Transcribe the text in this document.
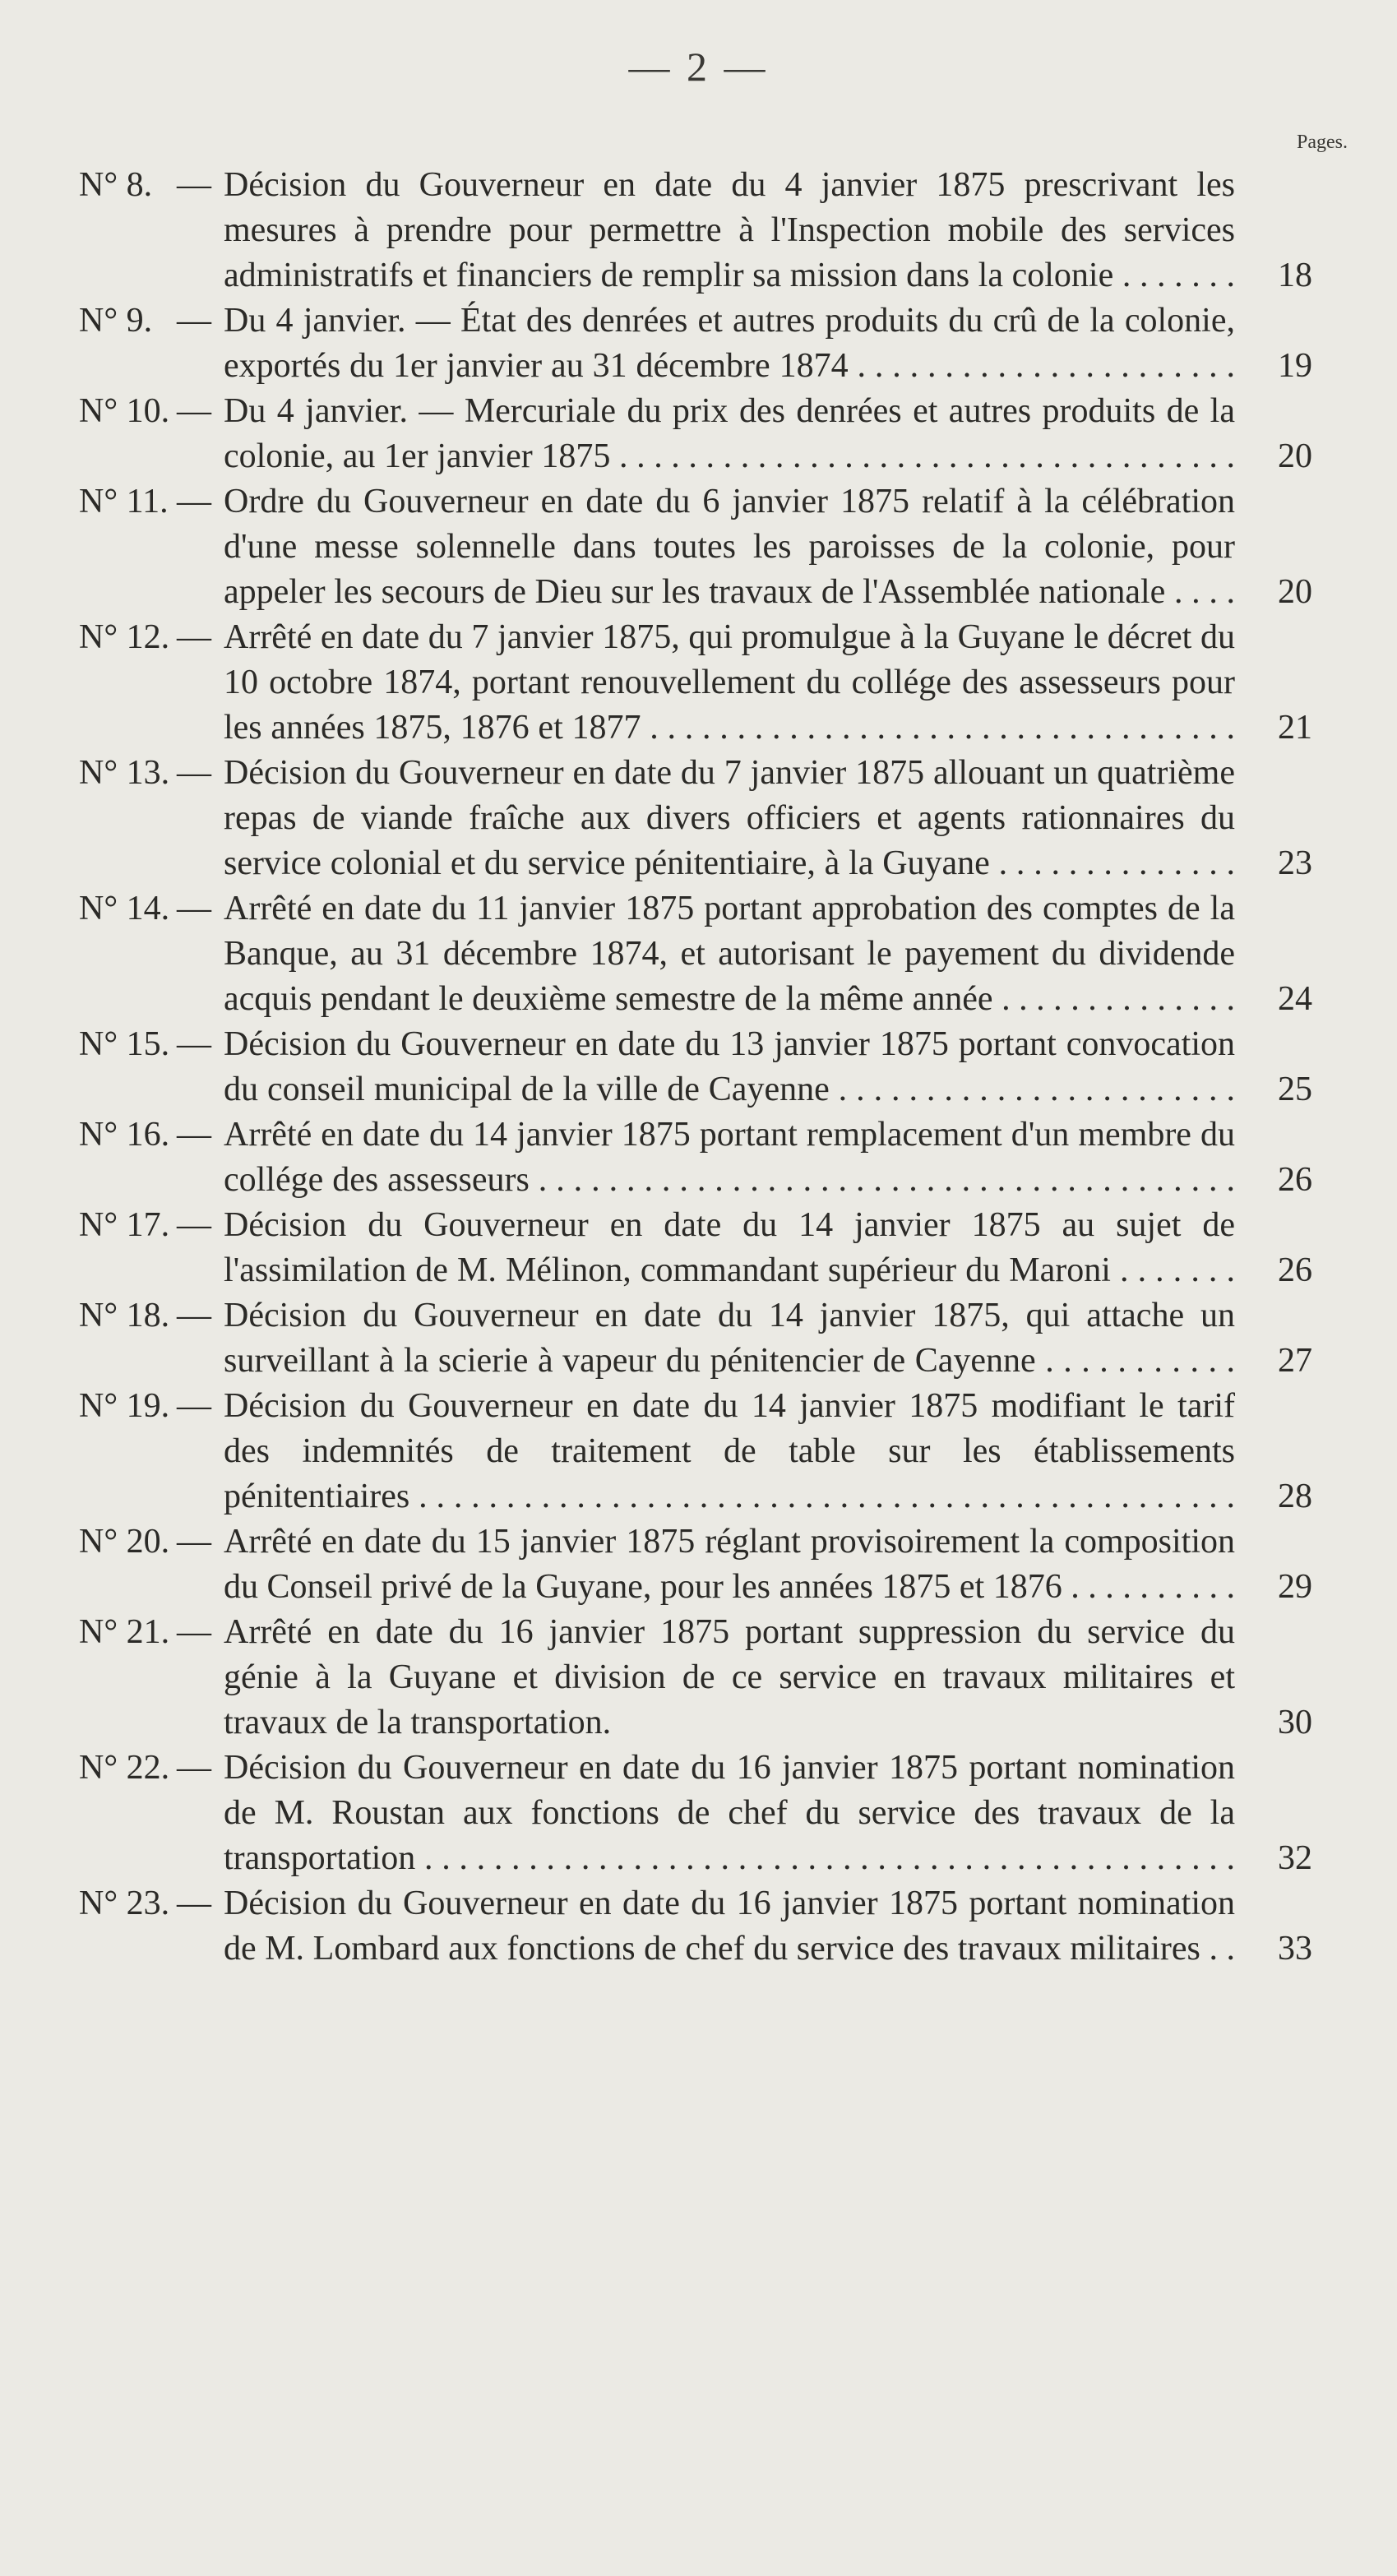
— 2 —
Pages.
N° 8. — Décision du Gouverneur en date du 4 janvier 1875 prescrivant les mesures à prendre pour permettre à l'Inspection mobile des services administratifs et financiers de remplir sa mission dans la colonie . . .	18
N° 9. — Du 4 janvier. — État des denrées et autres produits du crû de la colonie, exportés du 1er janvier au 31 décembre 1874 . . .	19
N° 10. — Du 4 janvier. — Mercuriale du prix des denrées et autres produits de la colonie, au 1er janvier 1875 . . .	20
N° 11. — Ordre du Gouverneur en date du 6 janvier 1875 relatif à la célébration d'une messe solennelle dans toutes les paroisses de la colonie, pour appeler les secours de Dieu sur les travaux de l'Assemblée nationale . . .	20
N° 12. — Arrêté en date du 7 janvier 1875, qui promulgue à la Guyane le décret du 10 octobre 1874, portant renouvellement du collége des assesseurs pour les années 1875, 1876 et 1877 . . .	21
N° 13. — Décision du Gouverneur en date du 7 janvier 1875 allouant un quatrième repas de viande fraîche aux divers officiers et agents rationnaires du service colonial et du service pénitentiaire, à la Guyane . . .	23
N° 14. — Arrêté en date du 11 janvier 1875 portant approbation des comptes de la Banque, au 31 décembre 1874, et autorisant le payement du dividende acquis pendant le deuxième semestre de la même année . . .	24
N° 15. — Décision du Gouverneur en date du 13 janvier 1875 portant convocation du conseil municipal de la ville de Cayenne . . .	25
N° 16. — Arrêté en date du 14 janvier 1875 portant remplacement d'un membre du collége des assesseurs . . .	26
N° 17. — Décision du Gouverneur en date du 14 janvier 1875 au sujet de l'assimilation de M. Mélinon, commandant supérieur du Maroni . . .	26
N° 18. — Décision du Gouverneur en date du 14 janvier 1875, qui attache un surveillant à la scierie à vapeur du pénitencier de Cayenne . . .	27
N° 19. — Décision du Gouverneur en date du 14 janvier 1875 modifiant le tarif des indemnités de traitement de table sur les établissements pénitentiaires . . .	28
N° 20. — Arrêté en date du 15 janvier 1875 réglant provisoirement la composition du Conseil privé de la Guyane, pour les années 1875 et 1876 . . .	29
N° 21. — Arrêté en date du 16 janvier 1875 portant suppression du service du génie à la Guyane et division de ce service en travaux militaires et travaux de la transportation.	30
N° 22. — Décision du Gouverneur en date du 16 janvier 1875 portant nomination de M. Roustan aux fonctions de chef du service des travaux de la transportation . . .	32
N° 23. — Décision du Gouverneur en date du 16 janvier 1875 portant nomination de M. Lombard aux fonctions de chef du service des travaux militaires . . .	33
